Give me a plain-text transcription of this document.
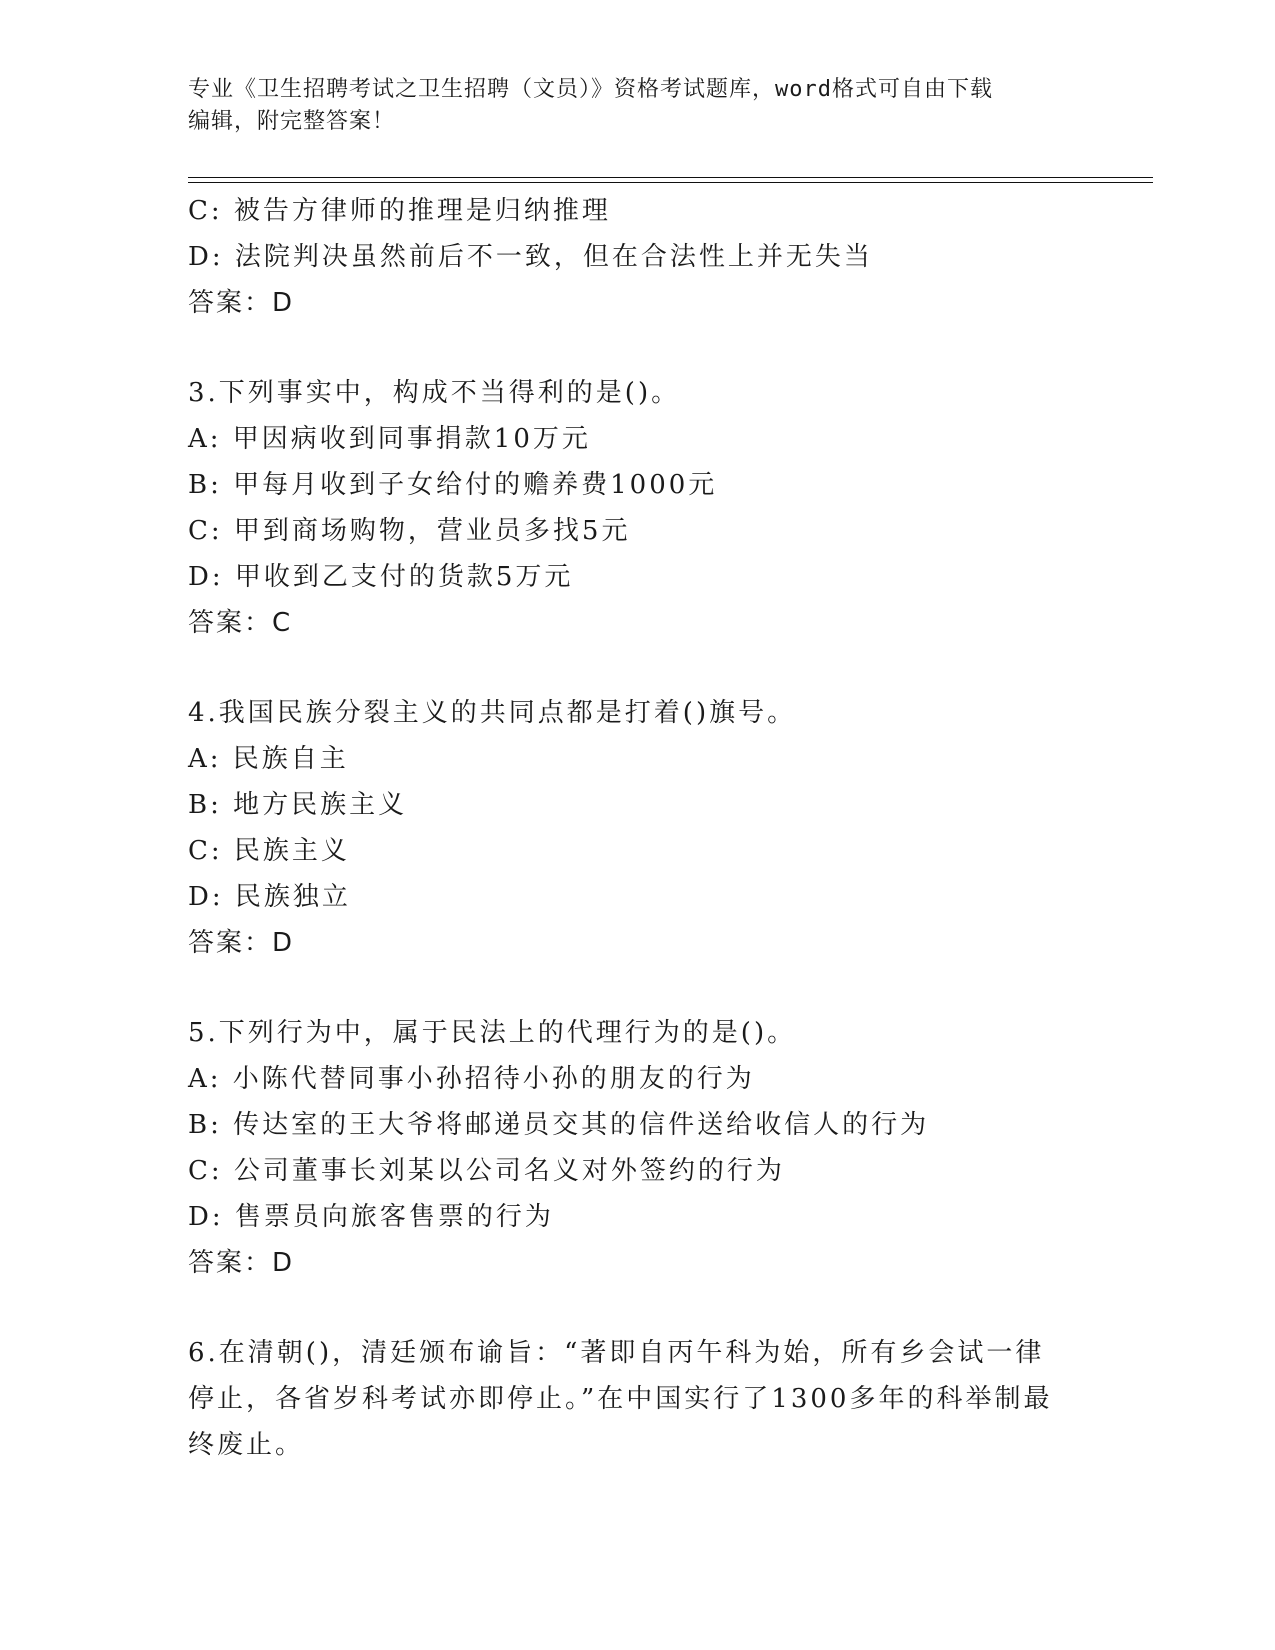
专业《卫生招聘考试之卫生招聘（文员）》资格考试题库，word格式可自由下载
编辑，附完整答案！
C: 被告方律师的推理是归纳推理
D: 法院判决虽然前后不一致，但在合法性上并无失当
答案：D
3.下列事实中，构成不当得利的是()。
A: 甲因病收到同事捐款10万元
B: 甲每月收到子女给付的赡养费1000元
C: 甲到商场购物，营业员多找5元
D: 甲收到乙支付的货款5万元
答案：C
4.我国民族分裂主义的共同点都是打着()旗号。
A: 民族自主
B: 地方民族主义
C: 民族主义
D: 民族独立
答案：D
5.下列行为中，属于民法上的代理行为的是()。
A: 小陈代替同事小孙招待小孙的朋友的行为
B: 传达室的王大爷将邮递员交其的信件送给收信人的行为
C: 公司董事长刘某以公司名义对外签约的行为
D: 售票员向旅客售票的行为
答案：D
6.在清朝()，清廷颁布谕旨：“著即自丙午科为始，所有乡会试一律
停止，各省岁科考试亦即停止。”在中国实行了1300多年的科举制最
终废止。
